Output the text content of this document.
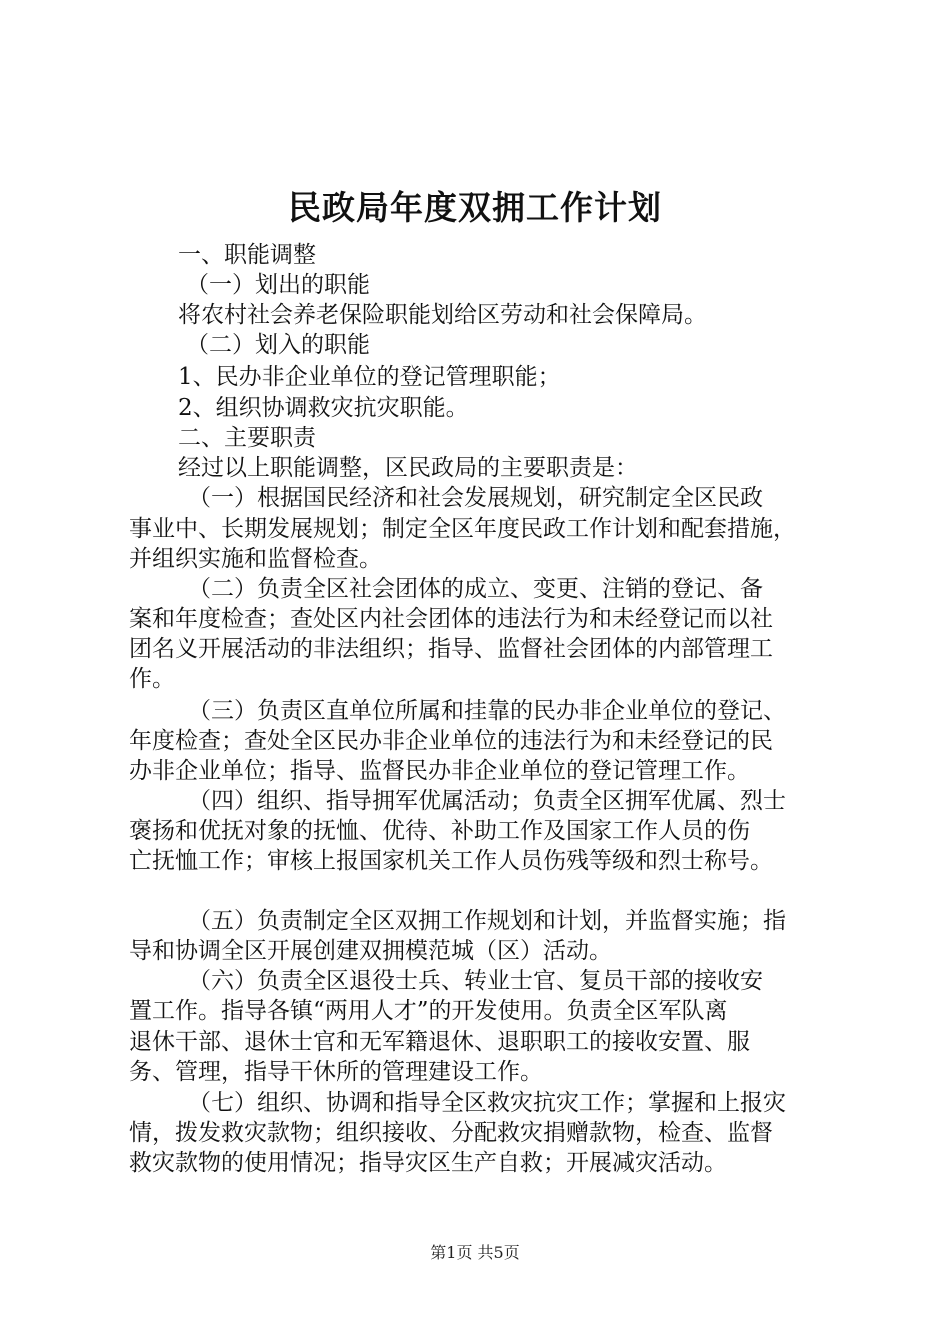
民政局年度双拥工作计划
一、职能调整
（一）划出的职能
将农村社会养老保险职能划给区劳动和社会保障局。
（二）划入的职能
1、民办非企业单位的登记管理职能；
2、组织协调救灾抗灾职能。
二、主要职责
经过以上职能调整，区民政局的主要职责是：
（一）根据国民经济和社会发展规划，研究制定全区民政
事业中、长期发展规划；制定全区年度民政工作计划和配套措施，
并组织实施和监督检查。
（二）负责全区社会团体的成立、变更、注销的登记、备
案和年度检查；查处区内社会团体的违法行为和未经登记而以社
团名义开展活动的非法组织；指导、监督社会团体的内部管理工
作。
（三）负责区直单位所属和挂靠的民办非企业单位的登记、
年度检查；查处全区民办非企业单位的违法行为和未经登记的民
办非企业单位；指导、监督民办非企业单位的登记管理工作。
（四）组织、指导拥军优属活动；负责全区拥军优属、烈士
褒扬和优抚对象的抚恤、优待、补助工作及国家工作人员的伤
亡抚恤工作；审核上报国家机关工作人员伤残等级和烈士称号。
（五）负责制定全区双拥工作规划和计划，并监督实施；指
导和协调全区开展创建双拥模范城（区）活动。
（六）负责全区退役士兵、转业士官、复员干部的接收安
置工作。指导各镇“两用人才”的开发使用。负责全区军队离
退休干部、退休士官和无军籍退休、退职职工的接收安置、服
务、管理，指导干休所的管理建设工作。
（七）组织、协调和指导全区救灾抗灾工作；掌握和上报灾
情，拨发救灾款物；组织接收、分配救灾捐赠款物，检查、监督
救灾款物的使用情况；指导灾区生产自救；开展减灾活动。
第1页 共5页
